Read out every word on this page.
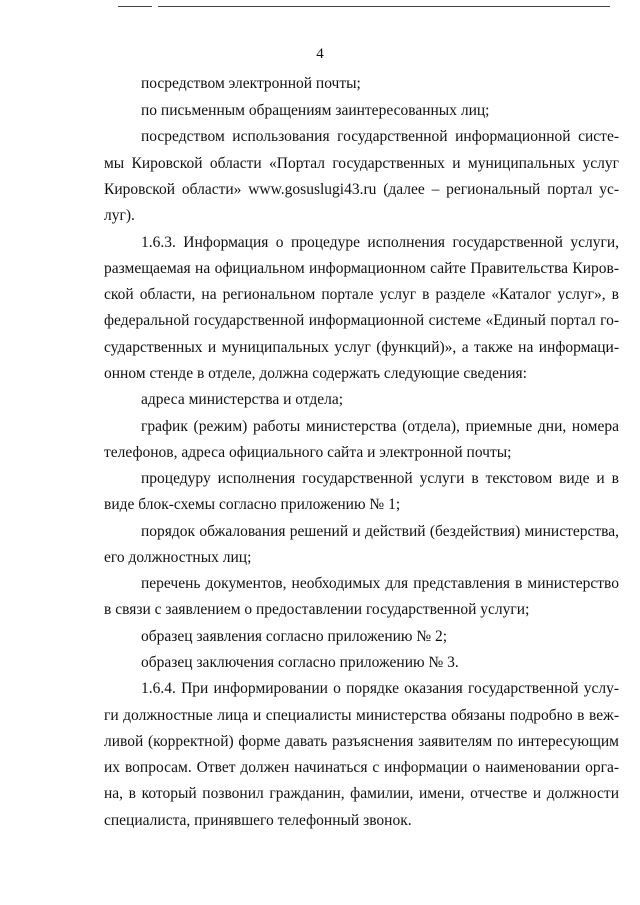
4

посредством электронной почты;

по письменным обращениям заинтересованных лиц;

посредством использования государственной информационной систе-

мы Кировской области «Портал государственных и муниципальных услуг

Кировской области» www.gosuslugi43.ru (далее – региональный портал ус-

луг).

1.6.3. Информация о процедуре исполнения государственной услуги,

размещаемая на официальном информационном сайте Правительства Киров-

ской области, на региональном портале услуг в разделе «Каталог услуг», в

федеральной государственной информационной системе «Единый портал го-

сударственных и муниципальных услуг (функций)», а также на информаци-

онном стенде в отделе, должна содержать следующие сведения:

адреса министерства и отдела;

график (режим) работы министерства (отдела), приемные дни, номера

телефонов, адреса официального сайта и электронной почты;

процедуру исполнения государственной услуги в текстовом виде и в

виде блок-схемы согласно приложению № 1;

порядок обжалования решений и действий (бездействия) министерства,

его должностных лиц;

перечень документов, необходимых для представления в министерство

в связи с заявлением о предоставлении государственной услуги;

образец заявления согласно приложению № 2;

образец заключения согласно приложению № 3.

1.6.4. При информировании о порядке оказания государственной услу-

ги должностные лица и специалисты министерства обязаны подробно в веж-

ливой (корректной) форме давать разъяснения заявителям по интересующим

их вопросам. Ответ должен начинаться с информации о наименовании орга-

на, в который позвонил гражданин, фамилии, имени, отчестве и должности

специалиста, принявшего телефонный звонок.
